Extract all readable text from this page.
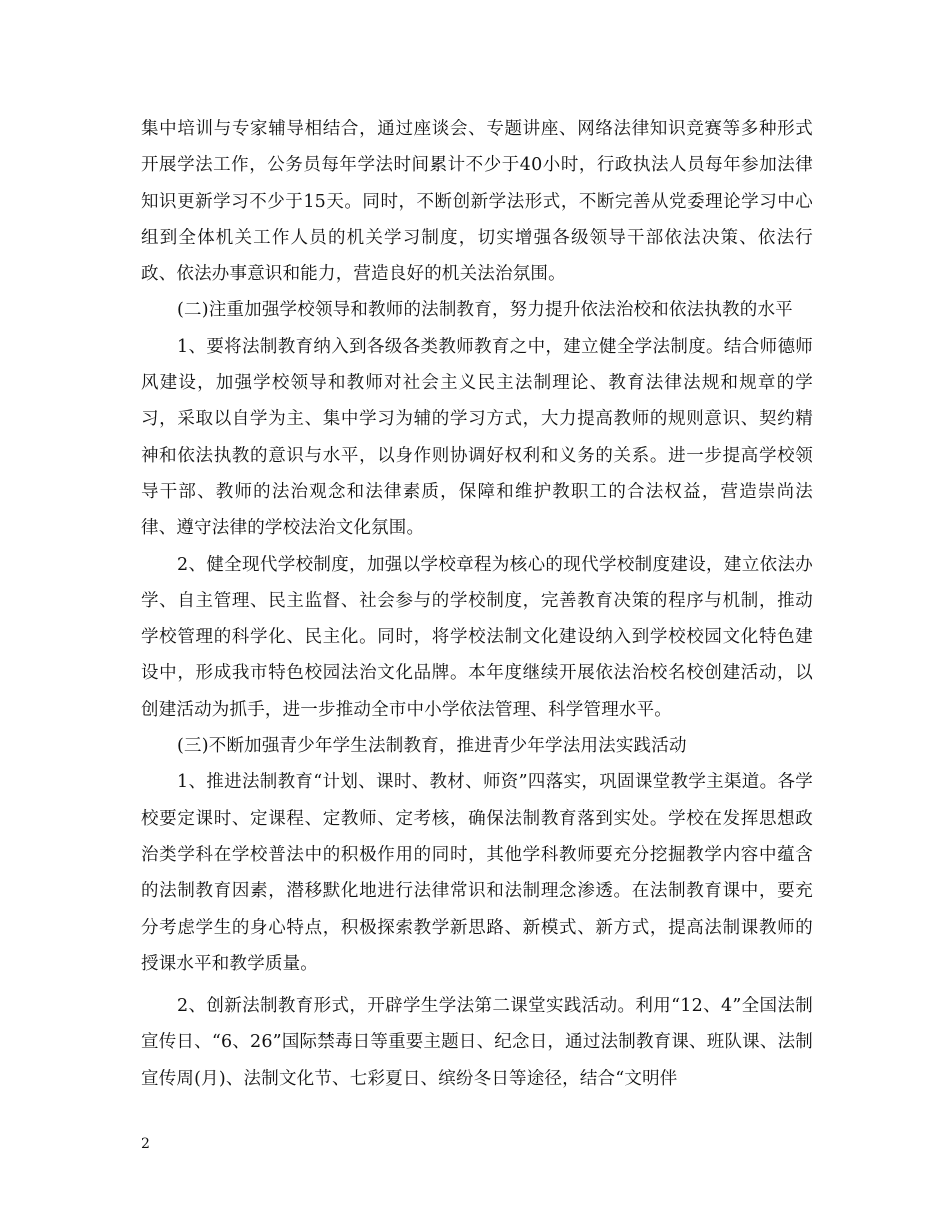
集中培训与专家辅导相结合，通过座谈会、专题讲座、网络法律知识竞赛等多种形式开展学法工作，公务员每年学法时间累计不少于40小时，行政执法人员每年参加法律知识更新学习不少于15天。同时，不断创新学法形式，不断完善从党委理论学习中心组到全体机关工作人员的机关学习制度，切实增强各级领导干部依法决策、依法行政、依法办事意识和能力，营造良好的机关法治氛围。

(二)注重加强学校领导和教师的法制教育，努力提升依法治校和依法执教的水平

1、要将法制教育纳入到各级各类教师教育之中，建立健全学法制度。结合师德师风建设，加强学校领导和教师对社会主义民主法制理论、教育法律法规和规章的学习，采取以自学为主、集中学习为辅的学习方式，大力提高教师的规则意识、契约精神和依法执教的意识与水平，以身作则协调好权利和义务的关系。进一步提高学校领导干部、教师的法治观念和法律素质，保障和维护教职工的合法权益，营造崇尚法律、遵守法律的学校法治文化氛围。

2、健全现代学校制度，加强以学校章程为核心的现代学校制度建设，建立依法办学、自主管理、民主监督、社会参与的学校制度，完善教育决策的程序与机制，推动学校管理的科学化、民主化。同时，将学校法制文化建设纳入到学校校园文化特色建设中，形成我市特色校园法治文化品牌。本年度继续开展依法治校名校创建活动，以创建活动为抓手，进一步推动全市中小学依法管理、科学管理水平。

(三)不断加强青少年学生法制教育，推进青少年学法用法实践活动

1、推进法制教育“计划、课时、教材、师资”四落实，巩固课堂教学主渠道。各学校要定课时、定课程、定教师、定考核，确保法制教育落到实处。学校在发挥思想政治类学科在学校普法中的积极作用的同时，其他学科教师要充分挖掘教学内容中蕴含的法制教育因素，潜移默化地进行法律常识和法制理念渗透。在法制教育课中，要充分考虑学生的身心特点，积极探索教学新思路、新模式、新方式，提高法制课教师的授课水平和教学质量。

2、创新法制教育形式，开辟学生学法第二课堂实践活动。利用“12、4”全国法制宣传日、“6、26”国际禁毒日等重要主题日、纪念日，通过法制教育课、班队课、法制宣传周(月)、法制文化节、七彩夏日、缤纷冬日等途径，结合“文明伴

2
